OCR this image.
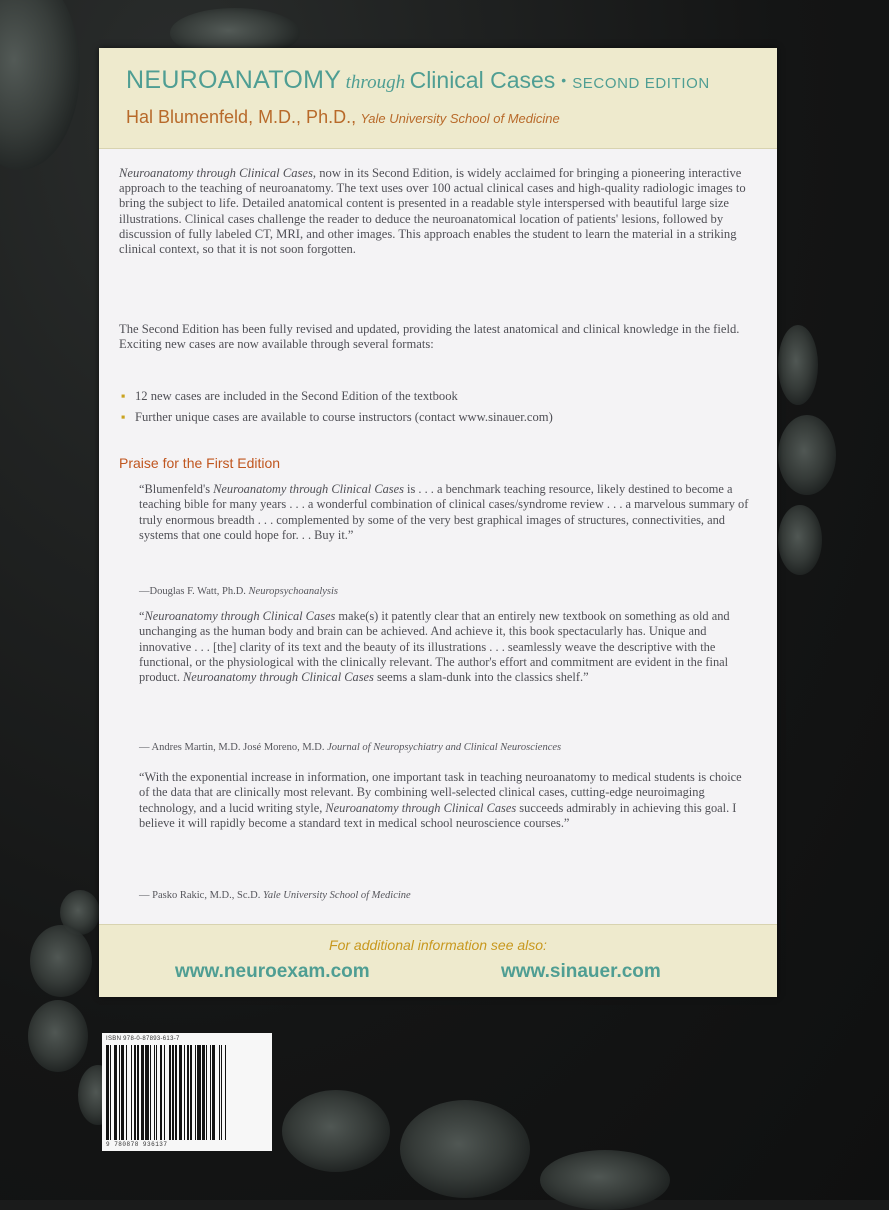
NEUROANATOMY through Clinical Cases • SECOND EDITION
Hal Blumenfeld, M.D., Ph.D., Yale University School of Medicine
Neuroanatomy through Clinical Cases, now in its Second Edition, is widely acclaimed for bringing a pioneering interactive approach to the teaching of neuroanatomy. The text uses over 100 actual clinical cases and high-quality radiologic images to bring the subject to life. Detailed anatomical content is presented in a readable style interspersed with beautiful large size illustrations. Clinical cases challenge the reader to deduce the neuroanatomical location of patients' lesions, followed by discussion of fully labeled CT, MRI, and other images. This approach enables the student to learn the material in a striking clinical context, so that it is not soon forgotten.
The Second Edition has been fully revised and updated, providing the latest anatomical and clinical knowledge in the field. Exciting new cases are now available through several formats:
▪ 12 new cases are included in the Second Edition of the textbook
▪ Further unique cases are available to course instructors (contact www.sinauer.com)
Praise for the First Edition
“Blumenfeld's Neuroanatomy through Clinical Cases is . . . a benchmark teaching resource, likely destined to become a teaching bible for many years . . . a wonderful combination of clinical cases/syndrome review . . . a marvelous summary of truly enormous breadth . . . complemented by some of the very best graphical images of structures, connectivities, and systems that one could hope for. . . Buy it.”
—Douglas F. Watt, Ph.D. Neuropsychoanalysis
“Neuroanatomy through Clinical Cases make(s) it patently clear that an entirely new textbook on something as old and unchanging as the human body and brain can be achieved. And achieve it, this book spectacularly has. Unique and innovative . . . [the] clarity of its text and the beauty of its illustrations . . . seamlessly weave the descriptive with the functional, or the physiological with the clinically relevant. The author's effort and commitment are evident in the final product. Neuroanatomy through Clinical Cases seems a slam-dunk into the classics shelf.”
— Andres Martin, M.D. José Moreno, M.D. Journal of Neuropsychiatry and Clinical Neurosciences
“With the exponential increase in information, one important task in teaching neuroanatomy to medical students is choice of the data that are clinically most relevant. By combining well-selected clinical cases, cutting-edge neuroimaging technology, and a lucid writing style, Neuroanatomy through Clinical Cases succeeds admirably in achieving this goal. I believe it will rapidly become a standard text in medical school neuroscience courses.”
— Pasko Rakic, M.D., Sc.D. Yale University School of Medicine
For additional information see also:
www.neuroexam.com	www.sinauer.com
ISBN 978-0-87893-613-7
9 780878 936137
